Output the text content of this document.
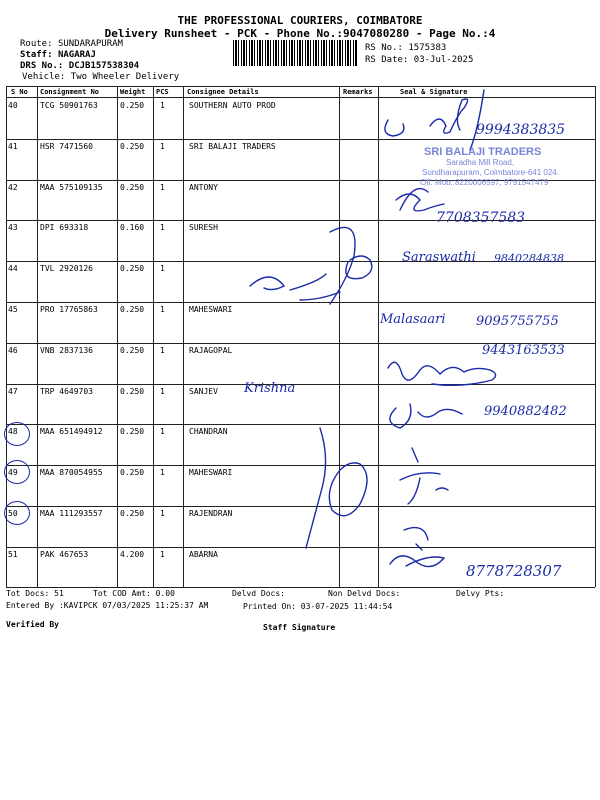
THE PROFESSIONAL COURIERS, COIMBATORE
Delivery Runsheet - PCK - Phone No.:9047080280 - Page No.:4
Route: SUNDARAPURAM
Staff: NAGARAJ
DRS No.: DCJB157538304
Vehicle: Two Wheeler Delivery
RS No.: 1575383
RS Date: 03-Jul-2025
S No Consignment No	Weight PCS	Consignee Details	Remarks	Seal & Signature
40	TCG 50901763	0.250 1	SOUTHERN AUTO PROD
41	HSR 7471560	0.250 1	SRI BALAJI TRADERS
42	MAA 575109135 0.250 1	ANTONY
43	DPI 693318	0.160 1	SURESH
44	TVL 2920126	0.250 1
45	PRO 17765863	0.250 1	MAHESWARI
46	VNB 2837136	0.250 1	RAJAGOPAL
47	TRP 4649703	0.250 1	SANJEV
48	MAA 651494912 0.250 1	CHANDRAN
49	MAA 870054955 0.250 1	MAHESWARI
50	MAA 111293557 0.250 1	RAJENDRAN
51	PAK 467653	4.200 1	ABARNA
9994383835
7708357583
Saraswathi 9840284838
Malasaari 9095755755
9443163533
Krishna
9940882482
8778728307
SRI BALAJI TRADERS
Saradha Mill Road,
Sundharapuram, Coimbatore-641 024.
Off. Mob.:8220006597, 9791547479
Tot Docs: 51	Tot COD Amt: 0.00	Delvd Docs:	Non Delvd Docs:	Delvy Pts:
Entered By :KAVIPCK 07/03/2025 11:25:37 AM	Printed On: 03-07-2025 11:44:54
Verified By	Staff Signature
